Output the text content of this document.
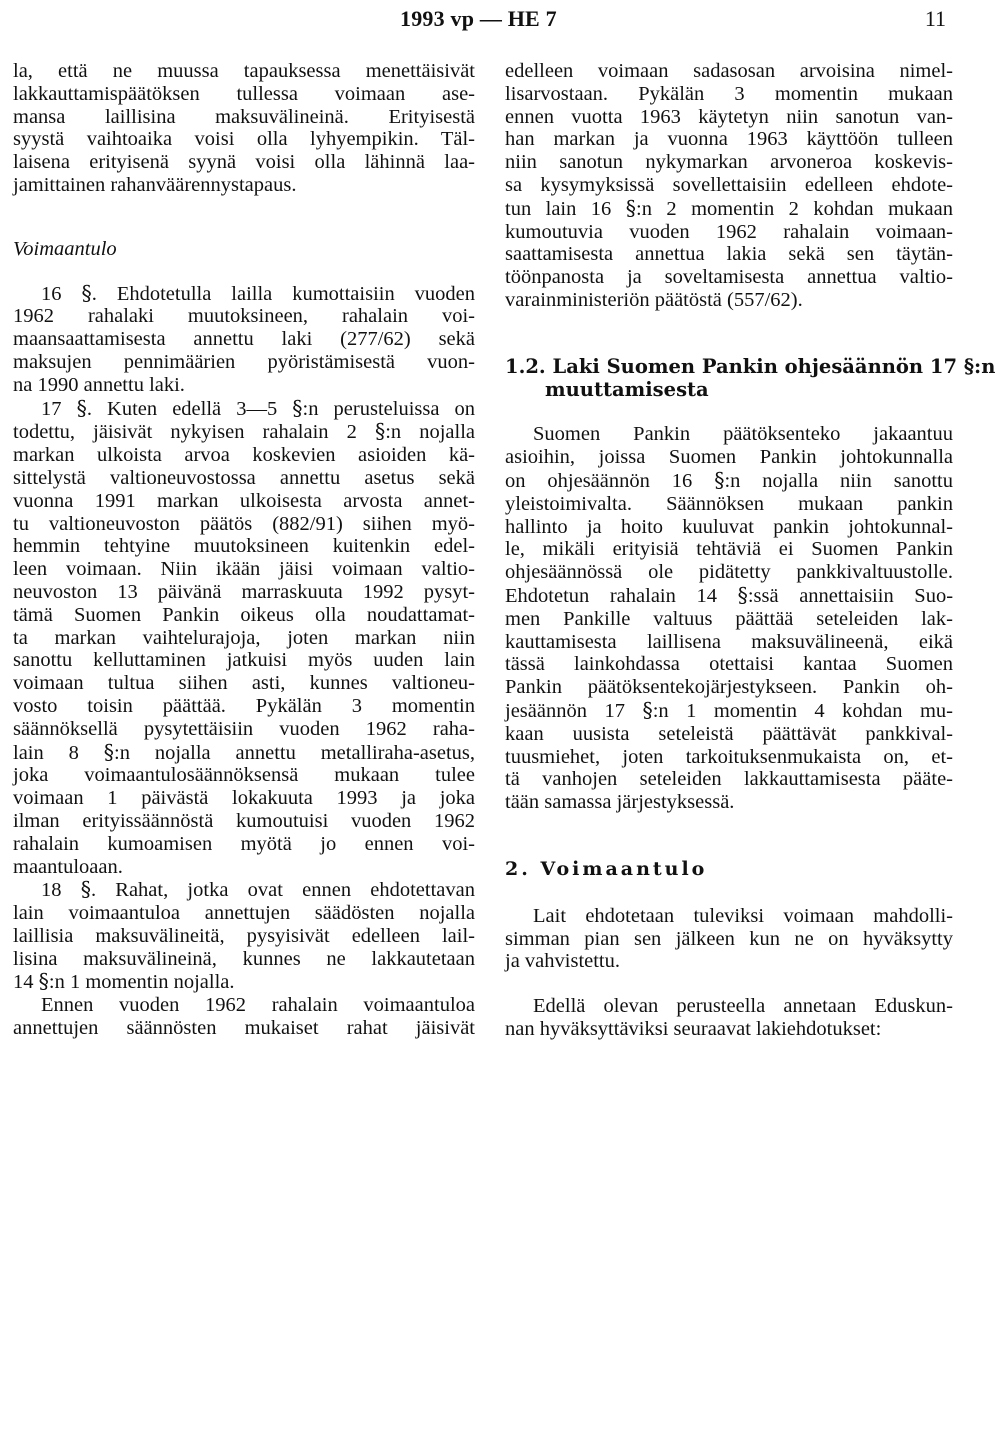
1993 vp — HE 7	11
la, että ne muussa tapauksessa menettäisivät
lakkauttamispäätöksen tullessa voimaan ase-
mansa laillisina maksuvälineinä. Erityisestä
syystä vaihtoaika voisi olla lyhyempikin. Täl-
laisena erityisenä syynä voisi olla lähinnä laa-
jamittainen rahanväärennystapaus.
Voimaantulo
16 §. Ehdotetulla lailla kumottaisiin vuoden
1962 rahalaki muutoksineen, rahalain voi-
maansaattamisesta annettu laki (277/62) sekä
maksujen pennimäärien pyöristämisestä vuon-
na 1990 annettu laki.
17 §. Kuten edellä 3—5 §:n perusteluissa on
todettu, jäisivät nykyisen rahalain 2 §:n nojalla
markan ulkoista arvoa koskevien asioiden kä-
sittelystä valtioneuvostossa annettu asetus sekä
vuonna 1991 markan ulkoisesta arvosta annet-
tu valtioneuvoston päätös (882/91) siihen myö-
hemmin tehtyine muutoksineen kuitenkin edel-
leen voimaan. Niin ikään jäisi voimaan valtio-
neuvoston 13 päivänä marraskuuta 1992 pysyt-
tämä Suomen Pankin oikeus olla noudattamat-
ta markan vaihtelurajoja, joten markan niin
sanottu kelluttaminen jatkuisi myös uuden lain
voimaan tultua siihen asti, kunnes valtioneu-
vosto toisin päättää. Pykälän 3 momentin
säännöksellä pysytettäisiin vuoden 1962 raha-
lain 8 §:n nojalla annettu metalliraha-asetus,
joka voimaantulosäännöksensä mukaan tulee
voimaan 1 päivästä lokakuuta 1993 ja joka
ilman erityissäännöstä kumoutuisi vuoden 1962
rahalain kumoamisen myötä jo ennen voi-
maantuloaan.
18 §. Rahat, jotka ovat ennen ehdotettavan
lain voimaantuloa annettujen säädösten nojalla
laillisia maksuvälineitä, pysyisivät edelleen lail-
lisina maksuvälineinä, kunnes ne lakkautetaan
14 §:n 1 momentin nojalla.
Ennen vuoden 1962 rahalain voimaantuloa
annettujen säännösten mukaiset rahat jäisivät
edelleen voimaan sadasosan arvoisina nimel-
lisarvostaan. Pykälän 3 momentin mukaan
ennen vuotta 1963 käytetyn niin sanotun van-
han markan ja vuonna 1963 käyttöön tulleen
niin sanotun nykymarkan arvoneroa koskevis-
sa kysymyksissä sovellettaisiin edelleen ehdote-
tun lain 16 §:n 2 momentin 2 kohdan mukaan
kumoutuvia vuoden 1962 rahalain voimaan-
saattamisesta annettua lakia sekä sen täytän-
töönpanosta ja soveltamisesta annettua valtio-
varainministeriön päätöstä (557/62).
1.2. Laki Suomen Pankin ohjesäännön 17 §:n
muuttamisesta
Suomen Pankin päätöksenteko jakaantuu
asioihin, joissa Suomen Pankin johtokunnalla
on ohjesäännön 16 §:n nojalla niin sanottu
yleistoimivalta. Säännöksen mukaan pankin
hallinto ja hoito kuuluvat pankin johtokunnal-
le, mikäli erityisiä tehtäviä ei Suomen Pankin
ohjesäännössä ole pidätetty pankkivaltuustolle.
Ehdotetun rahalain 14 §:ssä annettaisiin Suo-
men Pankille valtuus päättää seteleiden lak-
kauttamisesta laillisena maksuvälineenä, eikä
tässä lainkohdassa otettaisi kantaa Suomen
Pankin päätöksentekojärjestykseen. Pankin oh-
jesäännön 17 §:n 1 momentin 4 kohdan mu-
kaan uusista seteleistä päättävät pankkival-
tuusmiehet, joten tarkoituksenmukaista on, et-
tä vanhojen seteleiden lakkauttamisesta pääte-
tään samassa järjestyksessä.
2. Voimaantulo
Lait ehdotetaan tuleviksi voimaan mahdolli-
simman pian sen jälkeen kun ne on hyväksytty
ja vahvistettu.
Edellä olevan perusteella annetaan Eduskun-
nan hyväksyttäviksi seuraavat lakiehdotukset:
